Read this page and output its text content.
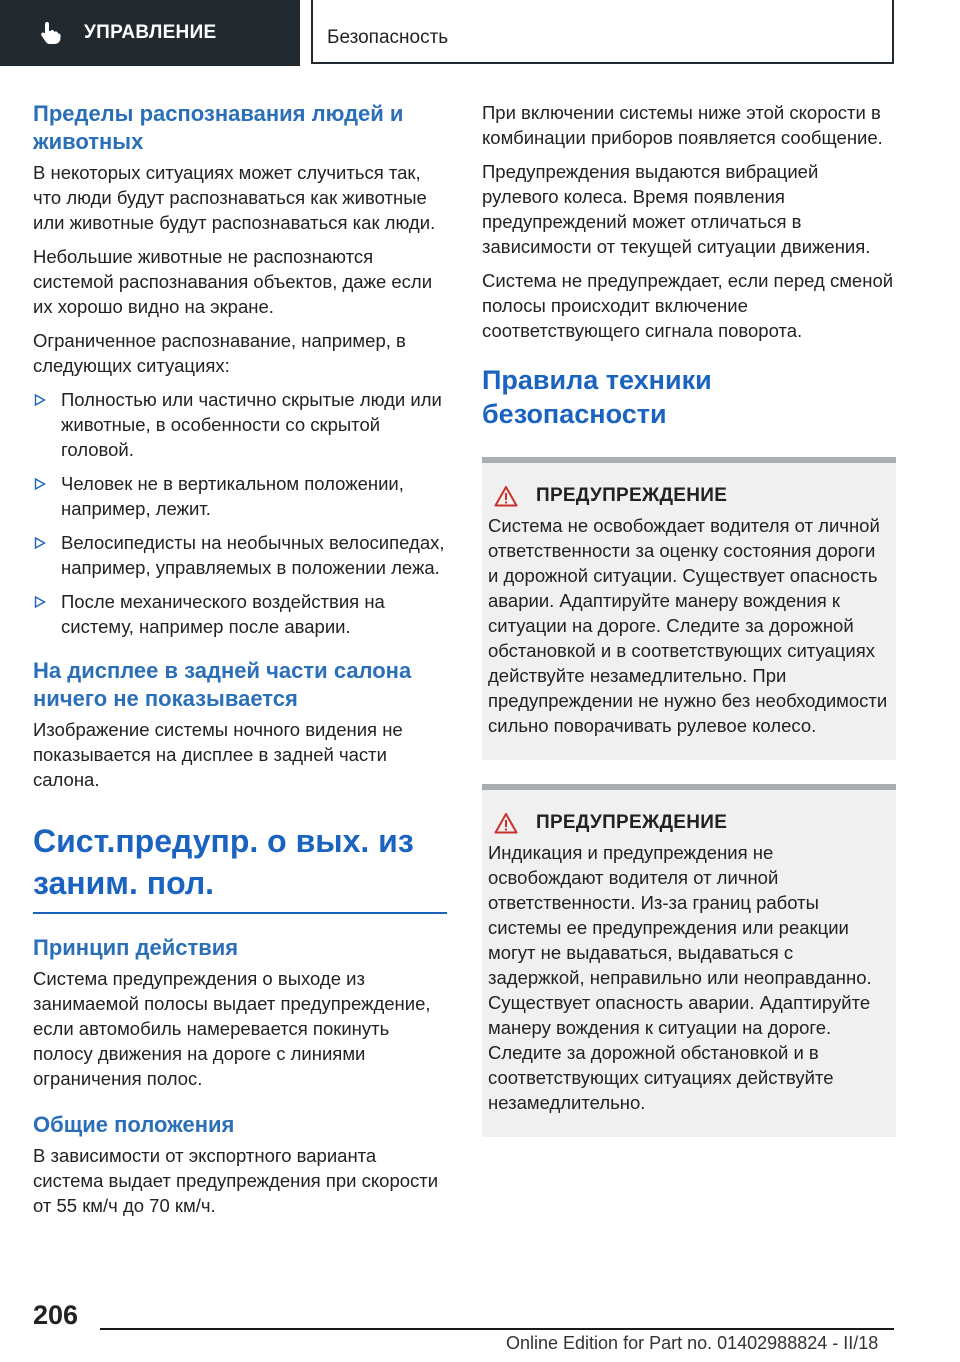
УПРАВЛЕНИЕ	Безопасность
Пределы распознавания людей и животных

В некоторых ситуациях может случиться так, что люди будут распознаваться как животные или животные будут распознаваться как люди.

Небольшие животные не распознаются системой распознавания объектов, даже если их хорошо видно на экране.

Ограниченное распознавание, например, в следующих ситуациях:

Полностью или частично скрытые люди или животные, в особенности со скрытой головой.
Человек не в вертикальном положении, например, лежит.
Велосипедисты на необычных велосипедах, например, управляемых в положении лежа.
После механического воздействия на систему, например после аварии.
На дисплее в задней части салона ничего не показывается

Изображение системы ночного видения не показывается на дисплее в задней части салона.

Сист.предупр. о вых. из заним. пол.
Принцип действия

Система предупреждения о выходе из занимаемой полосы выдает предупреждение, если автомобиль намеревается покинуть полосу движения на дороге с линиями ограничения полос.

Общие положения

В зависимости от экспортного варианта система выдает предупреждения при скорости от 55 км/ч до 70 км/ч.

При включении системы ниже этой скорости в комбинации приборов появляется сообщение.

Предупреждения выдаются вибрацией рулевого колеса. Время появления предупреждений может отличаться в зависимости от текущей ситуации движения.

Система не предупреждает, если перед сменой полосы происходит включение соответствующего сигнала поворота.

Правила техники безопасности
ПРЕДУПРЕЖДЕНИЕ

Система не освобождает водителя от личной ответственности за оценку состояния дороги и дорожной ситуации. Существует опасность аварии. Адаптируйте манеру вождения к ситуации на дороге. Следите за дорожной обстановкой и в соответствующих ситуациях действуйте незамедлительно. При предупреждении не нужно без необходимости сильно поворачивать рулевое колесо.

ПРЕДУПРЕЖДЕНИЕ

Индикация и предупреждения не освобождают водителя от личной ответственности. Из-за границ работы системы ее предупреждения или реакции могут не выдаваться, выдаваться с задержкой, неправильно или неоправданно. Существует опасность аварии. Адаптируйте манеру вождения к ситуации на дороге. Следите за дорожной обстановкой и в соответствующих ситуациях действуйте незамедлительно.

206
Online Edition for Part no. 01402988824 - II/18
